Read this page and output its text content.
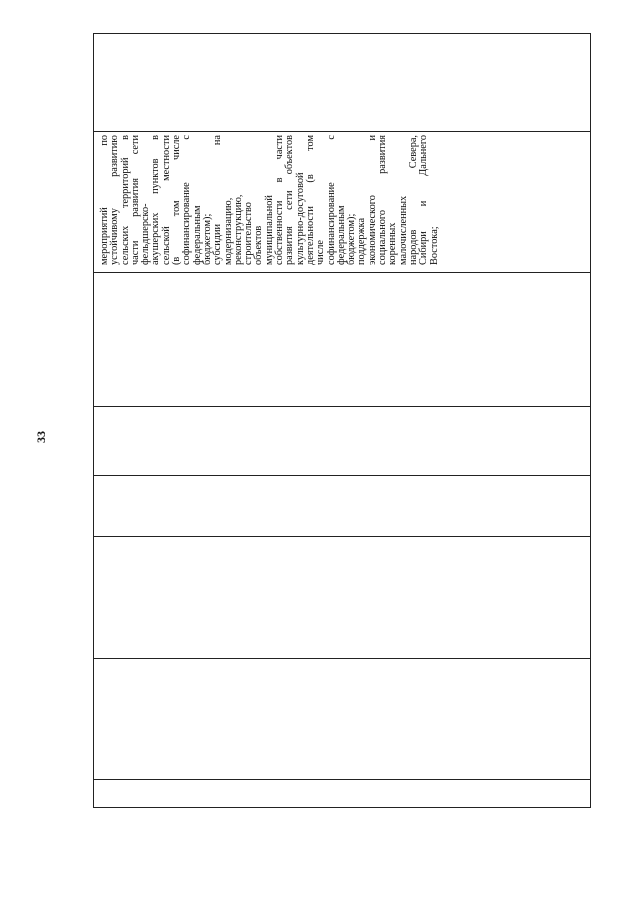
33
мероприятий
по
устойчивому
развитию
сельских
территорий
в
части
развития
сети
фельдшерско- акушерских
пунктов
в
сельской
местности
(в
том
числе
софинансирование
с
федеральным бюджетом); субсидии
на
модернизацию, реконструкцию, строительство объектов муниципальной собственности
в
части
развития
сети
объектов
культурно-досуговой деятельности
(в
том
числе софинансирование
с
федеральным бюджетом); поддержка экономического
и
социального
развития
коренных малочисленных народов
Севера,
Сибири
и
Дальнего
Востока;
